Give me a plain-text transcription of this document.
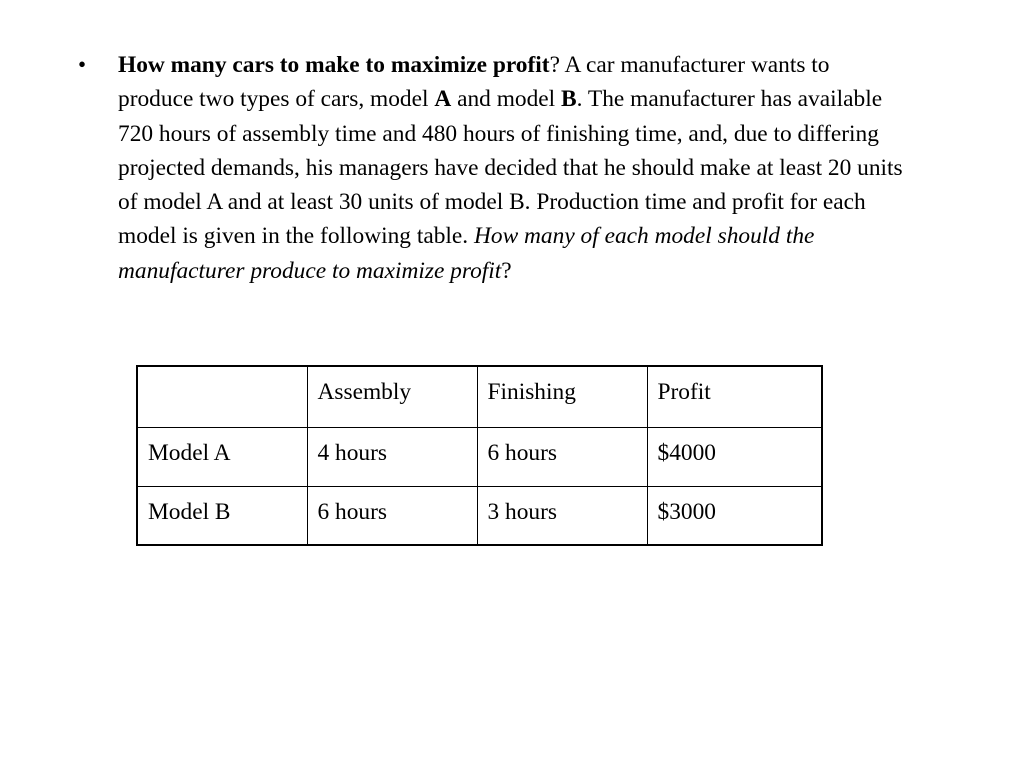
•	How many cars to make to maximize profit? A car manufacturer wants to produce two types of cars, model A and model B. The manufacturer has available 720 hours of assembly time and 480 hours of finishing time, and, due to differing projected demands, his managers have decided that he should make at least 20 units of model A and at least 30 units of model B. Production time and profit for each model is given in the following table. How many of each model should the manufacturer produce to maximize profit?
	Assembly	Finishing	Profit
Model A	4 hours	6 hours	$4000
Model B	6 hours	3 hours	$3000
